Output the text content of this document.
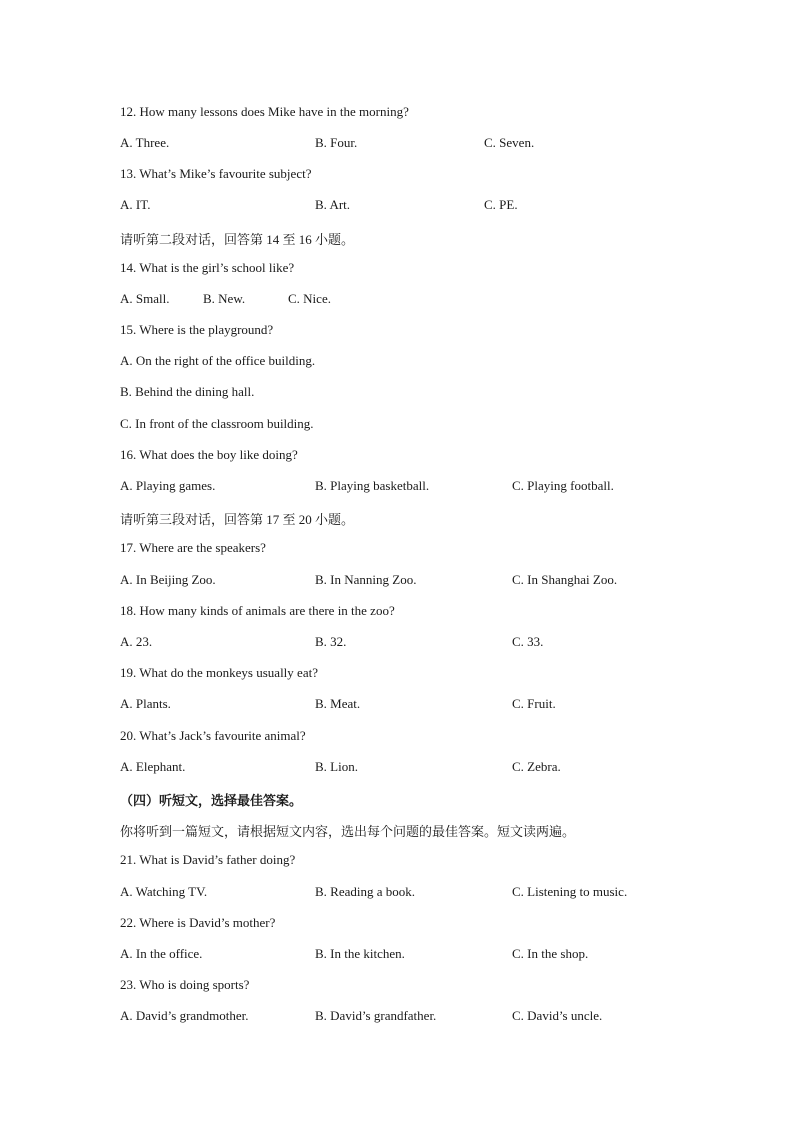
12. How many lessons does Mike have in the morning?
A. Three.	B. Four.	C. Seven.
13. What’s Mike’s favourite subject?
A. IT.	B. Art.	C. PE.
请听第二段对话，回答第 14 至 16 小题。
14. What is the girl’s school like?
A. Small.	B. New.	C. Nice.
15. Where is the playground?
A. On the right of the office building.
B. Behind the dining hall.
C. In front of the classroom building.
16. What does the boy like doing?
A. Playing games.	B. Playing basketball.	C. Playing football.
请听第三段对话，回答第 17 至 20 小题。
17. Where are the speakers?
A. In Beijing Zoo.	B. In Nanning Zoo.	C. In Shanghai Zoo.
18. How many kinds of animals are there in the zoo?
A. 23.	B. 32.	C. 33.
19. What do the monkeys usually eat?
A. Plants.	B. Meat.	C. Fruit.
20. What’s Jack’s favourite animal?
A. Elephant.	B. Lion.	C. Zebra.
（四）听短文，选择最佳答案。
你将听到一篇短文，请根据短文内容，选出每个问题的最佳答案。短文读两遍。
21. What is David’s father doing?
A. Watching TV.	B. Reading a book.	C. Listening to music.
22. Where is David’s mother?
A. In the office.	B. In the kitchen.	C. In the shop.
23. Who is doing sports?
A. David’s grandmother.	B. David’s grandfather.	C. David’s uncle.
